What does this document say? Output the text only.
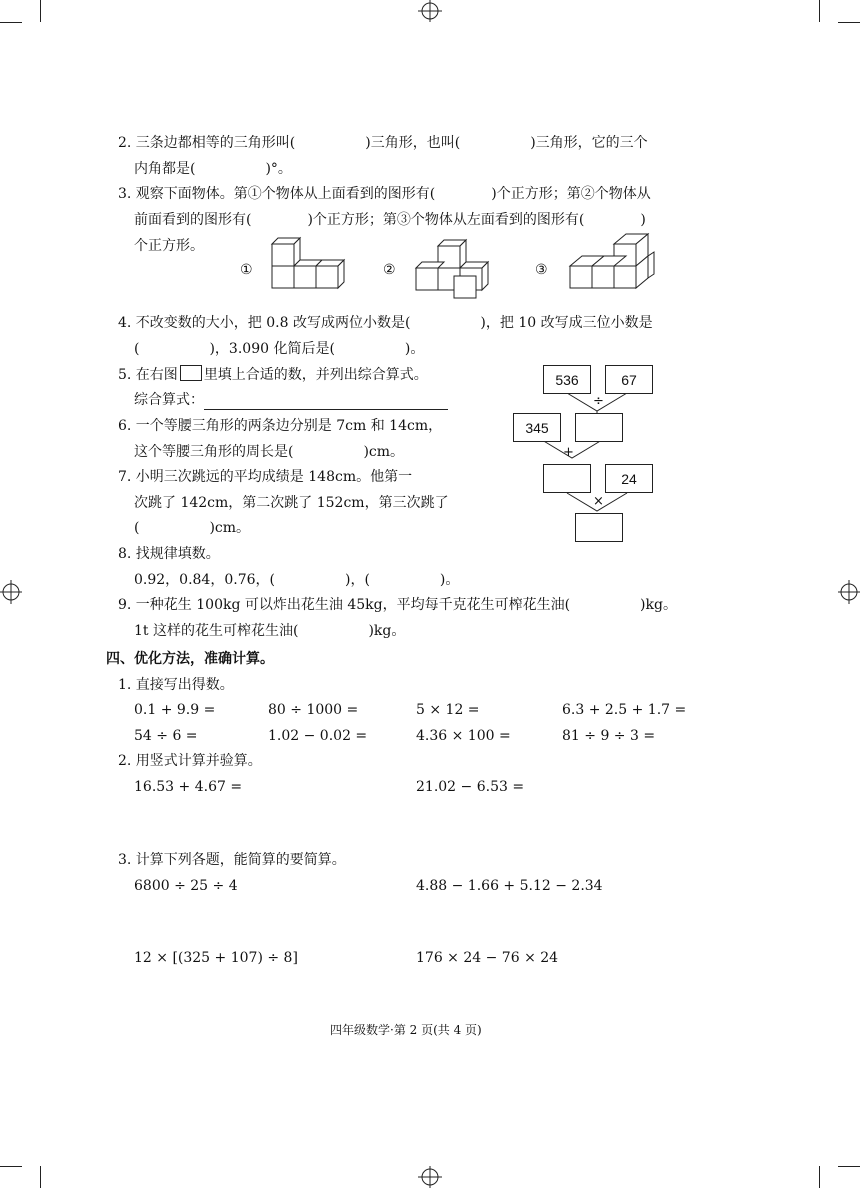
2. 三条边都相等的三角形叫(　　　　　)三角形，也叫(　　　　　)三角形，它的三个
内角都是(　　　　　)°。
3. 观察下面物体。第①个物体从上面看到的图形有(　　　　)个正方形；第②个物体从
前面看到的图形有(　　　　)个正方形；第③个物体从左面看到的图形有(　　　　)
个正方形。
①	②	③
4. 不改变数的大小，把 0.8 改写成两位小数是(　　　　　)，把 10 改写成三位小数是
(　　　　　)，3.090 化简后是(　　　　　)。
5. 在右图 里填上合适的数，并列出综合算式。
综合算式：
6. 一个等腰三角形的两条边分别是 7cm 和 14cm，
这个等腰三角形的周长是(　　　　　)cm。
7. 小明三次跳远的平均成绩是 148cm。他第一
次跳了 142cm，第二次跳了 152cm，第三次跳了
(　　　　　)cm。
8. 找规律填数。
0.92，0.84，0.76，(　　　　　)，(　　　　　)。
9. 一种花生 100kg 可以炸出花生油 45kg，平均每千克花生可榨花生油(　　　　　)kg。
1t 这样的花生可榨花生油(　　　　　)kg。
536	67
÷
345
+
24
×
四、优化方法，准确计算。
1. 直接写出得数。
0.1 + 9.9 =	80 ÷ 1000 =	5 × 12 =	6.3 + 2.5 + 1.7 =
54 ÷ 6 =	1.02 − 0.02 =	4.36 × 100 =	81 ÷ 9 ÷ 3 =
2. 用竖式计算并验算。
16.53 + 4.67 =	21.02 − 6.53 =
3. 计算下列各题，能简算的要简算。
6800 ÷ 25 ÷ 4	4.88 − 1.66 + 5.12 − 2.34
12 × [(325 + 107) ÷ 8]	176 × 24 − 76 × 24
四年级数学·第 2 页(共 4 页)
